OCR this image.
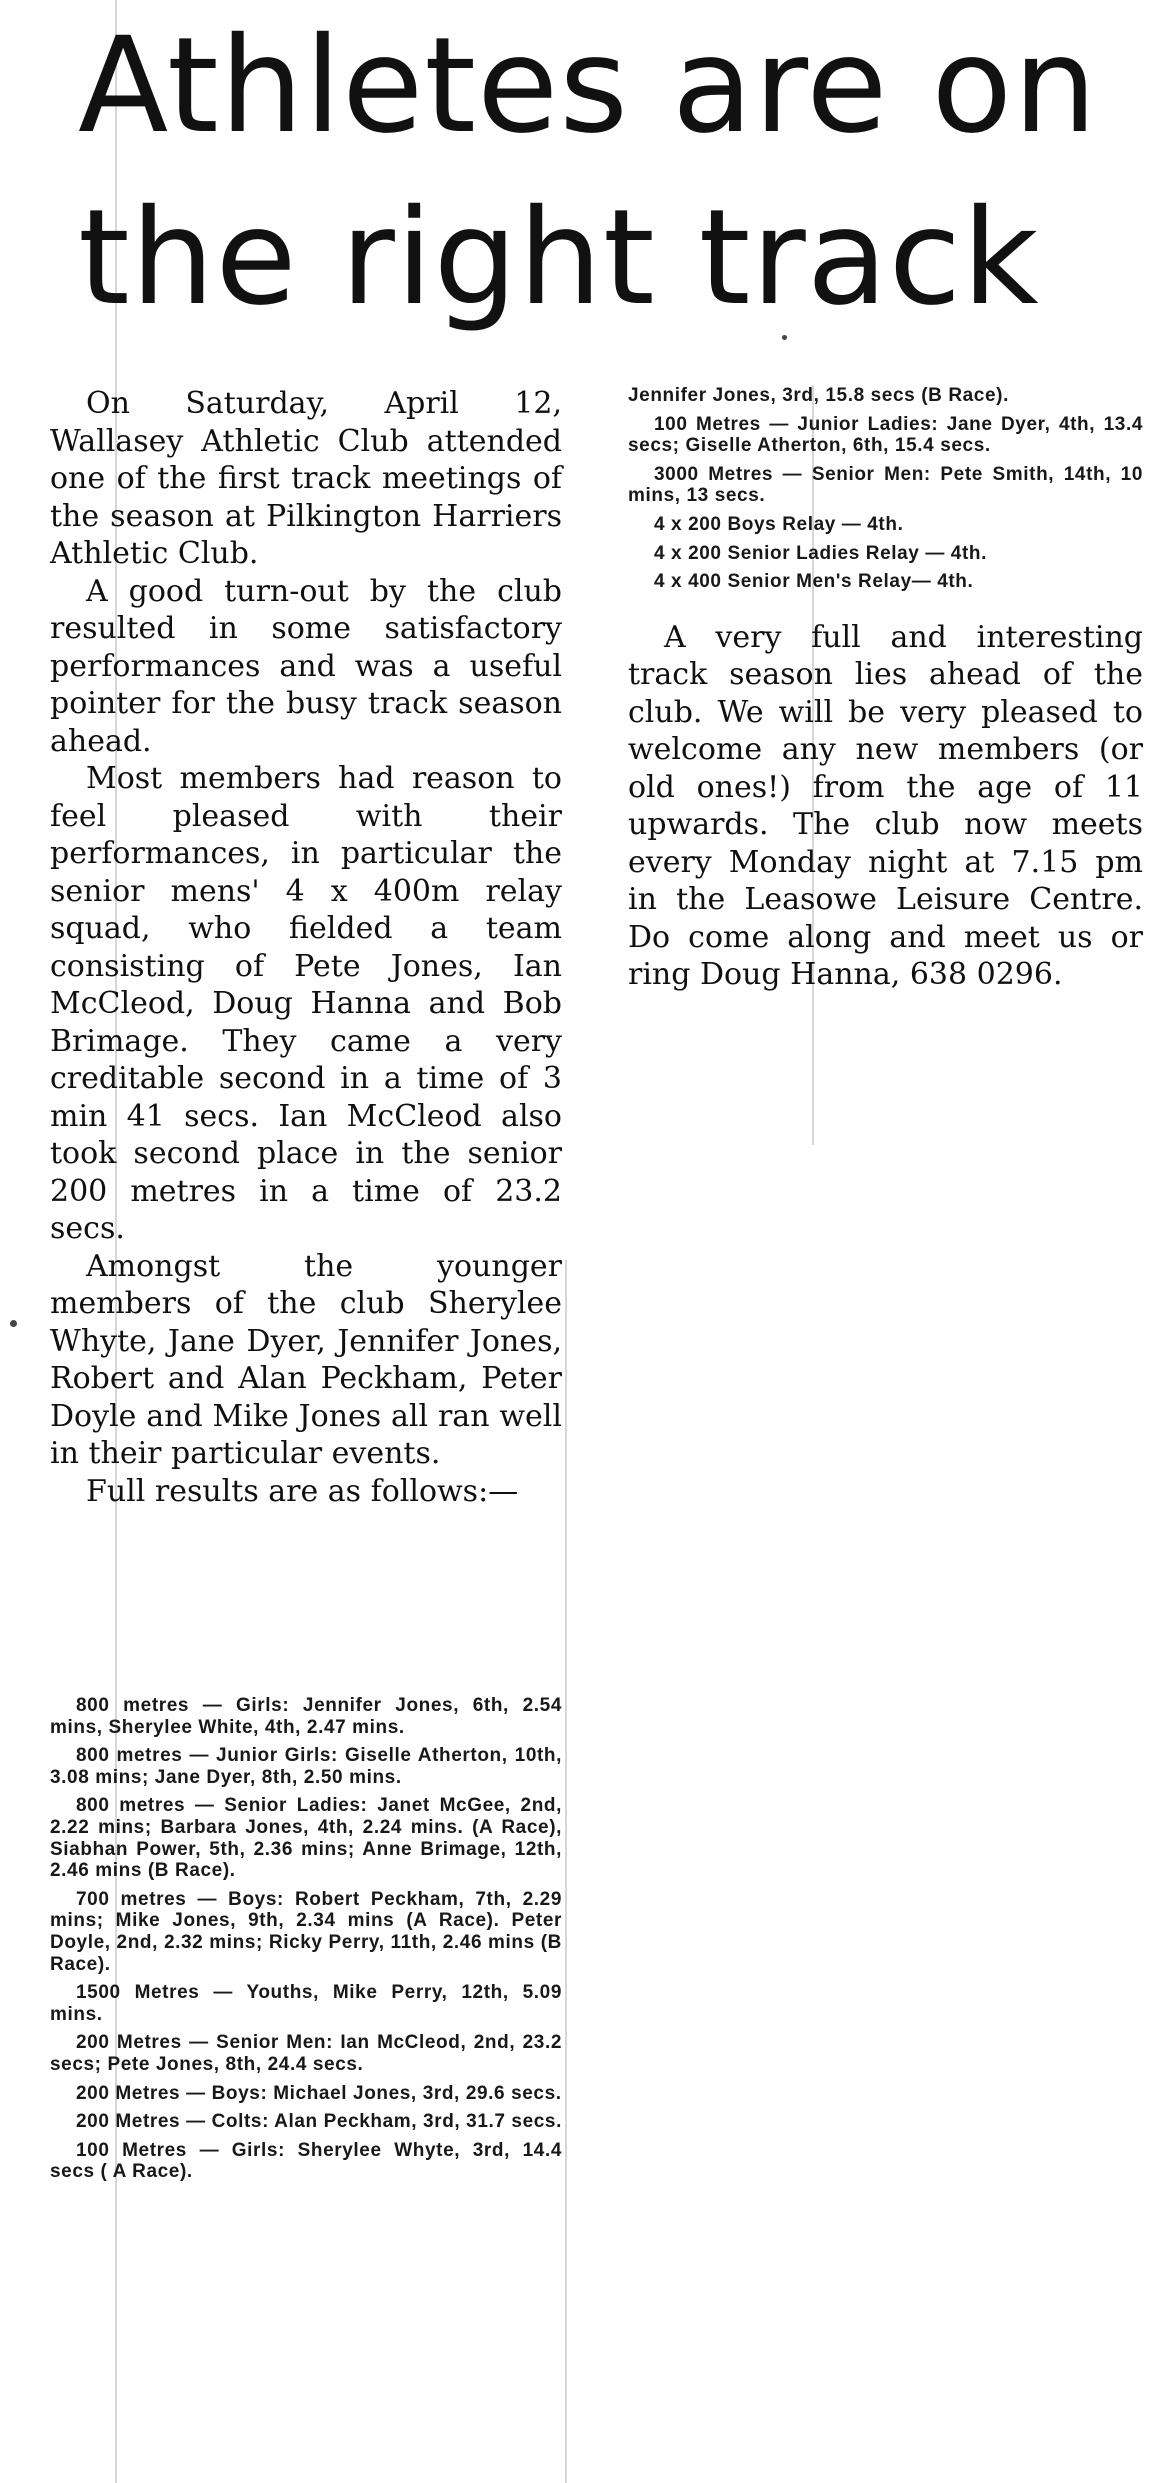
Athletes are on
the right track

On Saturday, April 12, Wallasey Athletic Club attended one of the first track meetings of the season at Pilkington Harriers Athletic Club.

A good turn-out by the club resulted in some satisfactory performances and was a useful pointer for the busy track season ahead.

Most members had reason to feel pleased with their performances, in particular the senior mens' 4 x 400m relay squad, who fielded a team consisting of Pete Jones, Ian McCleod, Doug Hanna and Bob Brimage. They came a very creditable second in a time of 3 min 41 secs. Ian McCleod also took second place in the senior 200 metres in a time of 23.2 secs.

Amongst the younger members of the club Sherylee Whyte, Jane Dyer, Jennifer Jones, Robert and Alan Peckham, Peter Doyle and Mike Jones all ran well in their particular events.

Full results are as follows:—

800 metres — Girls: Jennifer Jones, 6th, 2.54 mins, Sherylee White, 4th, 2.47 mins.

800 metres — Junior Girls: Giselle Atherton, 10th, 3.08 mins; Jane Dyer, 8th, 2.50 mins.

800 metres — Senior Ladies: Janet McGee, 2nd, 2.22 mins; Barbara Jones, 4th, 2.24 mins. (A Race), Siabhan Power, 5th, 2.36 mins; Anne Brimage, 12th, 2.46 mins (B Race).

700 metres — Boys: Robert Peckham, 7th, 2.29 mins; Mike Jones, 9th, 2.34 mins (A Race). Peter Doyle, 2nd, 2.32 mins; Ricky Perry, 11th, 2.46 mins (B Race).

1500 Metres — Youths, Mike Perry, 12th, 5.09 mins.

200 Metres — Senior Men: Ian McCleod, 2nd, 23.2 secs; Pete Jones, 8th, 24.4 secs.

200 Metres — Boys: Michael Jones, 3rd, 29.6 secs.

200 Metres — Colts: Alan Peckham, 3rd, 31.7 secs.

100 Metres — Girls: Sherylee Whyte, 3rd, 14.4 secs ( A Race).

Jennifer Jones, 3rd, 15.8 secs (B Race).

100 Metres — Junior Ladies: Jane Dyer, 4th, 13.4 secs; Giselle Atherton, 6th, 15.4 secs.

3000 Metres — Senior Men: Pete Smith, 14th, 10 mins, 13 secs.

4 x 200 Boys Relay — 4th.

4 x 200 Senior Ladies Relay — 4th.

4 x 400 Senior Men's Relay— 4th.

A very full and interesting track season lies ahead of the club. We will be very pleased to welcome any new members (or old ones!) from the age of 11 upwards. The club now meets every Monday night at 7.15 pm in the Leasowe Leisure Centre. Do come along and meet us or ring Doug Hanna, 638 0296.
